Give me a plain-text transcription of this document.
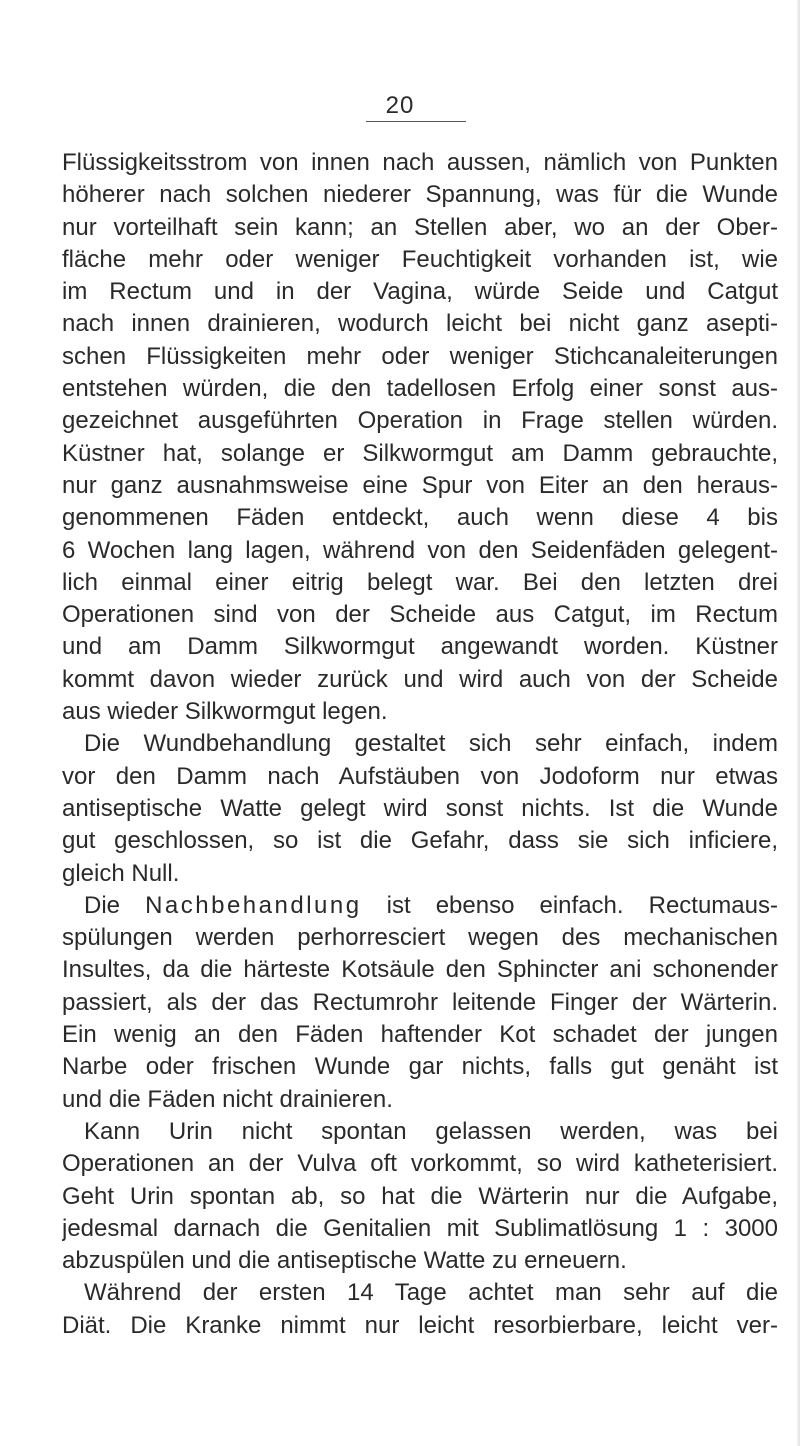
20
Flüssigkeitsstrom von innen nach aussen, nämlich von Punkten
höherer nach solchen niederer Spannung, was für die Wunde
nur vorteilhaft sein kann; an Stellen aber, wo an der Ober-
fläche mehr oder weniger Feuchtigkeit vorhanden ist, wie
im Rectum und in der Vagina, würde Seide und Catgut
nach innen drainieren, wodurch leicht bei nicht ganz asepti-
schen Flüssigkeiten mehr oder weniger Stichcanaleiterungen
entstehen würden, die den tadellosen Erfolg einer sonst aus-
gezeichnet ausgeführten Operation in Frage stellen würden.
Küstner hat, solange er Silkwormgut am Damm gebrauchte,
nur ganz ausnahmsweise eine Spur von Eiter an den heraus-
genommenen Fäden entdeckt, auch wenn diese 4 bis
6 Wochen lang lagen, während von den Seidenfäden gelegent-
lich einmal einer eitrig belegt war. Bei den letzten drei
Operationen sind von der Scheide aus Catgut, im Rectum
und am Damm Silkwormgut angewandt worden. Küstner
kommt davon wieder zurück und wird auch von der Scheide
aus wieder Silkwormgut legen.
Die Wundbehandlung gestaltet sich sehr einfach, indem
vor den Damm nach Aufstäuben von Jodoform nur etwas
antiseptische Watte gelegt wird sonst nichts. Ist die Wunde
gut geschlossen, so ist die Gefahr, dass sie sich inficiere,
gleich Null.
Die Nachbehandlung ist ebenso einfach. Rectumaus-
spülungen werden perhorresciert wegen des mechanischen
Insultes, da die härteste Kotsäule den Sphincter ani schonender
passiert, als der das Rectumrohr leitende Finger der Wärterin.
Ein wenig an den Fäden haftender Kot schadet der jungen
Narbe oder frischen Wunde gar nichts, falls gut genäht ist
und die Fäden nicht drainieren.
Kann Urin nicht spontan gelassen werden, was bei
Operationen an der Vulva oft vorkommt, so wird katheterisiert.
Geht Urin spontan ab, so hat die Wärterin nur die Aufgabe,
jedesmal darnach die Genitalien mit Sublimatlösung 1 : 3000
abzuspülen und die antiseptische Watte zu erneuern.
Während der ersten 14 Tage achtet man sehr auf die
Diät. Die Kranke nimmt nur leicht resorbierbare, leicht ver-
